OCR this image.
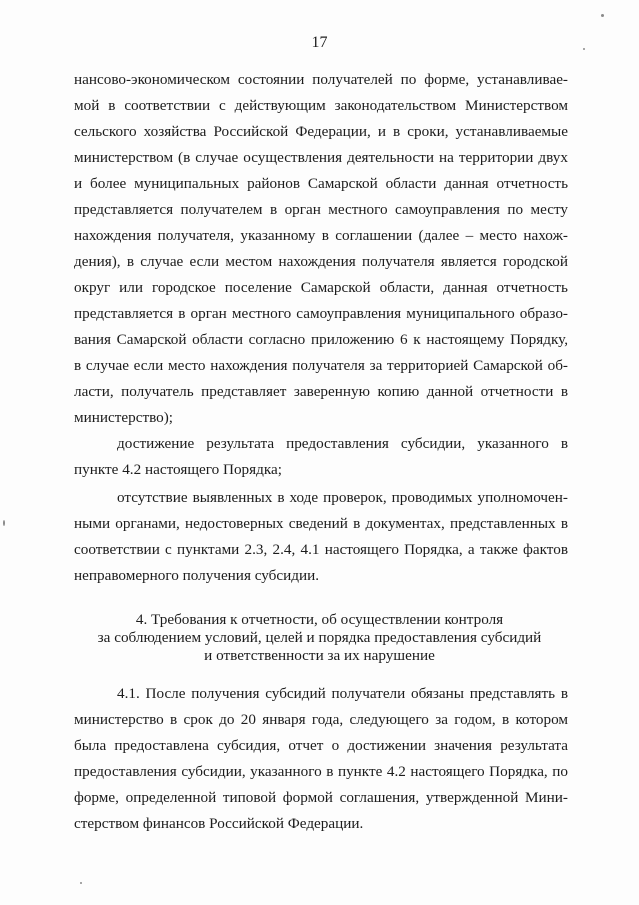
17
нансово-экономическом состоянии получателей по форме, устанавливае-
мой в соответствии с действующим законодательством Министерством
сельского хозяйства Российской Федерации, и в сроки, устанавливаемые
министерством (в случае осуществления деятельности на территории двух
и более муниципальных районов Самарской области данная отчетность
представляется получателем в орган местного самоуправления по месту
нахождения получателя, указанному в соглашении (далее – место нахож-
дения), в случае если местом нахождения получателя является городской
округ или городское поселение Самарской области, данная отчетность
представляется в орган местного самоуправления муниципального образо-
вания Самарской области согласно приложению 6 к настоящему Порядку,
в случае если место нахождения получателя за территорией Самарской об-
ласти, получатель представляет заверенную копию данной отчетности в
министерство);
достижение результата предоставления субсидии, указанного в
пункте 4.2 настоящего Порядка;
отсутствие выявленных в ходе проверок, проводимых уполномочен-
ными органами, недостоверных сведений в документах, представленных в
соответствии с пунктами 2.3, 2.4, 4.1 настоящего Порядка, а также фактов
неправомерного получения субсидии.
4. Требования к отчетности, об осуществлении контроля
за соблюдением условий, целей и порядка предоставления субсидий
и ответственности за их нарушение
4.1. После получения субсидий получатели обязаны представлять в
министерство в срок до 20 января года, следующего за годом, в котором
была предоставлена субсидия, отчет о достижении значения результата
предоставления субсидии, указанного в пункте 4.2 настоящего Порядка, по
форме, определенной типовой формой соглашения, утвержденной Мини-
стерством финансов Российской Федерации.
